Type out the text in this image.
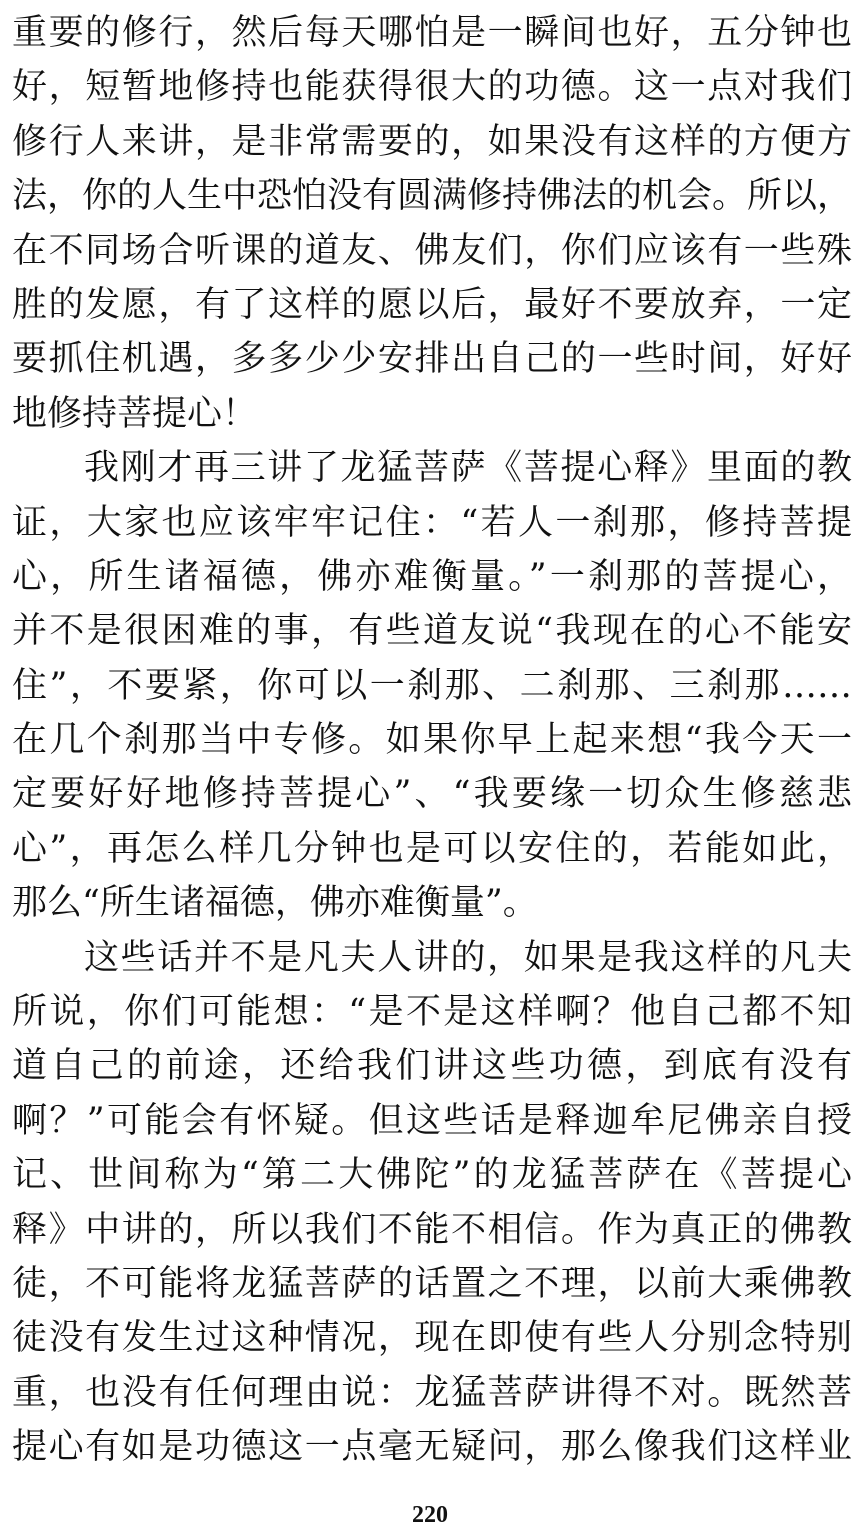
重要的修行，然后每天哪怕是一瞬间也好，五分钟也
好，短暂地修持也能获得很大的功德。这一点对我们
修行人来讲，是非常需要的，如果没有这样的方便方
法，你的人生中恐怕没有圆满修持佛法的机会。所以，
在不同场合听课的道友、佛友们，你们应该有一些殊
胜的发愿，有了这样的愿以后，最好不要放弃，一定
要抓住机遇，多多少少安排出自己的一些时间，好好
地修持菩提心！
我刚才再三讲了龙猛菩萨《菩提心释》里面的教
证，大家也应该牢牢记住：“若人一刹那，修持菩提
心，所生诸福德，佛亦难衡量。”一刹那的菩提心，
并不是很困难的事，有些道友说“我现在的心不能安
住”，不要紧，你可以一刹那、二刹那、三刹那……
在几个刹那当中专修。如果你早上起来想“我今天一
定要好好地修持菩提心”、“我要缘一切众生修慈悲
心”，再怎么样几分钟也是可以安住的，若能如此，
那么“所生诸福德，佛亦难衡量”。
这些话并不是凡夫人讲的，如果是我这样的凡夫
所说，你们可能想：“是不是这样啊？他自己都不知
道自己的前途，还给我们讲这些功德，到底有没有
啊？”可能会有怀疑。但这些话是释迦牟尼佛亲自授
记、世间称为“第二大佛陀”的龙猛菩萨在《菩提心
释》中讲的，所以我们不能不相信。作为真正的佛教
徒，不可能将龙猛菩萨的话置之不理，以前大乘佛教
徒没有发生过这种情况，现在即使有些人分别念特别
重，也没有任何理由说：龙猛菩萨讲得不对。既然菩
提心有如是功德这一点毫无疑问，那么像我们这样业
220
